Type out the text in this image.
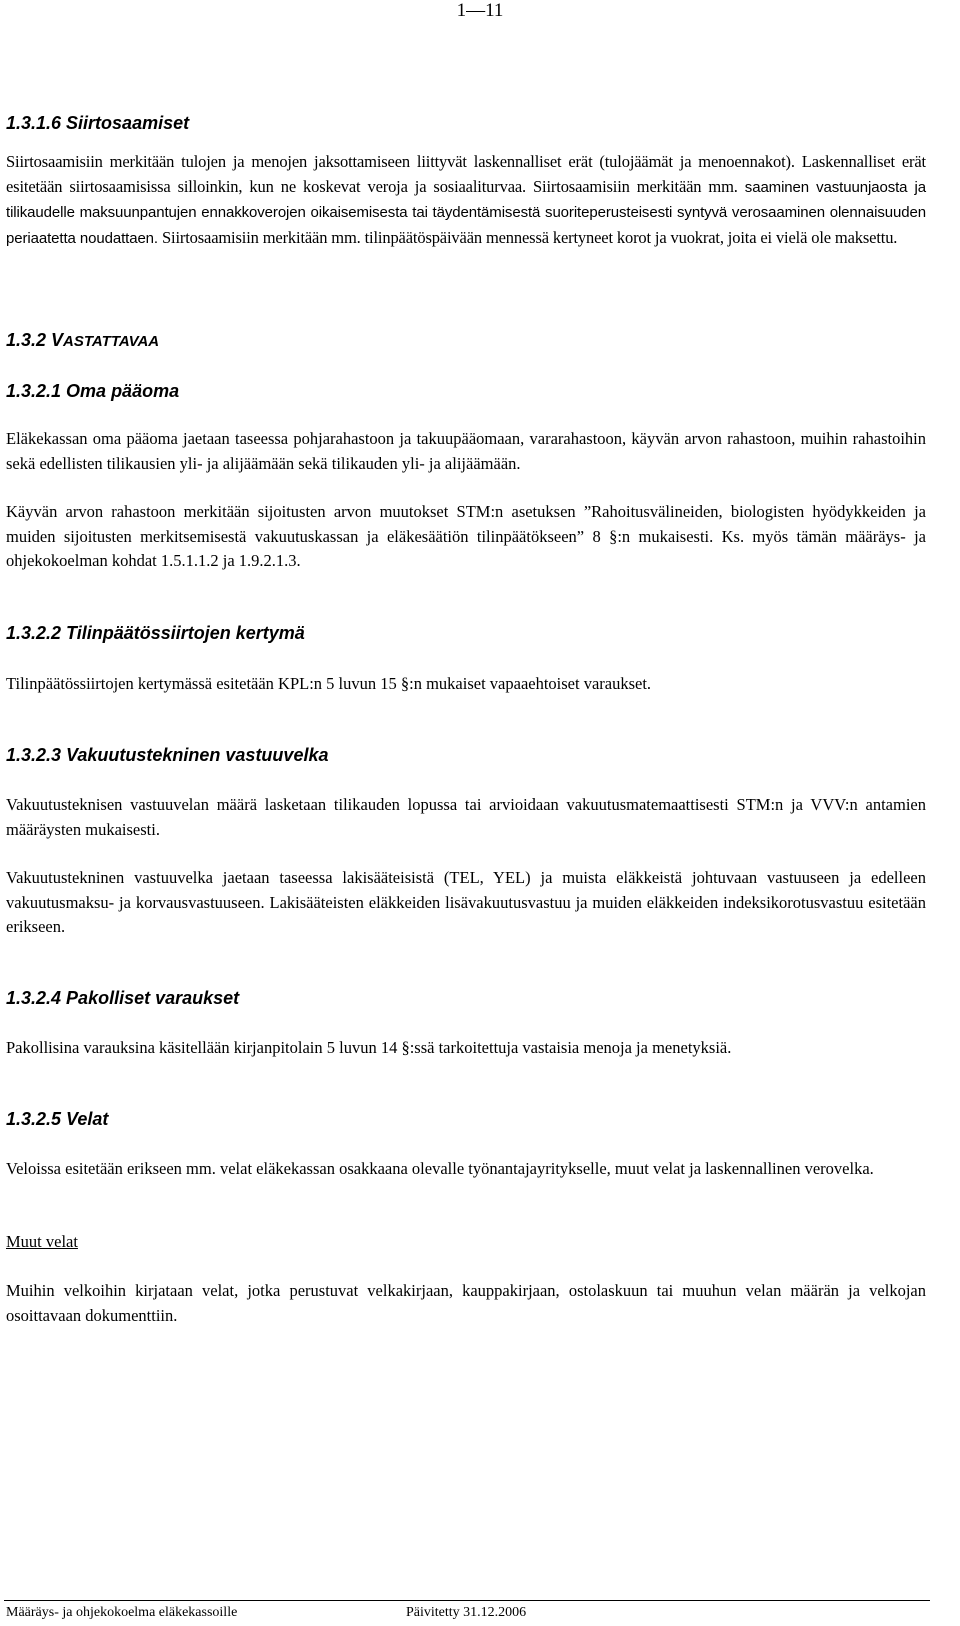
1—11
1.3.1.6 Siirtosaamiset
Siirtosaamisiin merkitään tulojen ja menojen jaksottamiseen liittyvät laskennalliset erät (tulojäämät ja menoennakot). Laskennalliset erät esitetään siirtosaamisissa silloinkin, kun ne koskevat veroja ja sosiaaliturvaa. Siirtosaamisiin merkitään mm. saaminen vastuunjaosta ja tilikaudelle maksuunpantujen ennakkoverojen oikaisemisesta tai täydentämisestä suoriteperusteisesti syntyvä verosaaminen olennaisuuden periaatetta noudattaen. Siirtosaamisiin merkitään mm. tilinpäätöspäivään mennessä kertyneet korot ja vuokrat, joita ei vielä ole maksettu.
1.3.2 VASTATTAVAA
1.3.2.1 Oma pääoma
Eläkekassan oma pääoma jaetaan taseessa pohjarahastoon ja takuupääomaan, vararahastoon, käyvän arvon rahastoon, muihin rahastoihin sekä edellisten tilikausien yli- ja alijäämään sekä tilikauden yli- ja alijäämään.
Käyvän arvon rahastoon merkitään sijoitusten arvon muutokset STM:n asetuksen ”Rahoitusvälineiden, biologisten hyödykkeiden ja muiden sijoitusten merkitsemisestä vakuutuskassan ja eläkesäätiön tilinpäätökseen” 8 §:n mukaisesti. Ks. myös tämän määräys- ja ohjekokoelman kohdat 1.5.1.1.2 ja 1.9.2.1.3.
1.3.2.2 Tilinpäätössiirtojen kertymä
Tilinpäätössiirtojen kertymässä esitetään KPL:n 5 luvun 15 §:n mukaiset vapaaehtoiset varaukset.
1.3.2.3 Vakuutustekninen vastuuvelka
Vakuutusteknisen vastuuvelan määrä lasketaan tilikauden lopussa tai arvioidaan vakuutusmatemaattisesti STM:n ja VVV:n antamien määräysten mukaisesti.
Vakuutustekninen vastuuvelka jaetaan taseessa lakisääteisistä (TEL, YEL) ja muista eläkkeistä johtuvaan vastuuseen ja edelleen vakuutusmaksu- ja korvausvastuuseen. Lakisääteisten eläkkeiden lisävakuutusvastuu ja muiden eläkkeiden indeksikorotusvastuu esitetään erikseen.
1.3.2.4 Pakolliset varaukset
Pakollisina varauksina käsitellään kirjanpitolain 5 luvun 14 §:ssä tarkoitettuja vastaisia menoja ja menetyksiä.
1.3.2.5 Velat
Veloissa esitetään erikseen mm. velat eläkekassan osakkaana olevalle työnantajayritykselle, muut velat ja laskennallinen verovelka.
Muut velat
Muihin velkoihin kirjataan velat, jotka perustuvat velkakirjaan, kauppakirjaan, ostolaskuun tai muuhun velan määrän ja velkojan osoittavaan dokumenttiin.
Määräys- ja ohjekokoelma eläkekassoille	Päivitetty 31.12.2006
